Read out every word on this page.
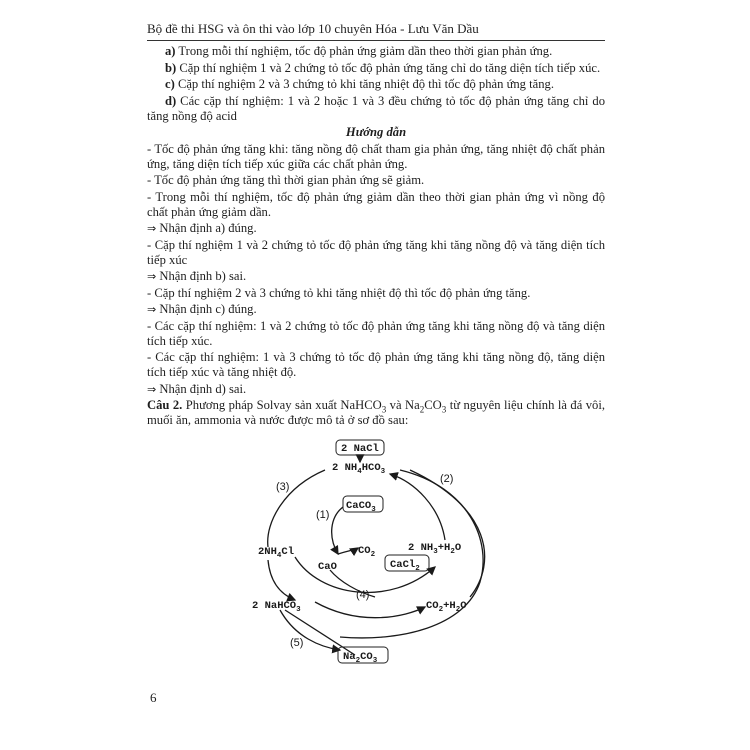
Bộ đề thi HSG và ôn thi vào lớp 10 chuyên Hóa - Lưu Văn Dầu

a) Trong mỗi thí nghiệm, tốc độ phản ứng giảm dần theo thời gian phản ứng.

b) Cặp thí nghiệm 1 và 2 chứng tỏ tốc độ phản ứng tăng chỉ do tăng diện tích tiếp xúc.

c) Cặp thí nghiệm 2 và 3 chứng tỏ khi tăng nhiệt độ thì tốc độ phản ứng tăng.

d) Các cặp thí nghiệm: 1 và 2 hoặc 1 và 3 đều chứng tỏ tốc độ phản ứng tăng chỉ do tăng nồng độ acid

Hướng dẫn

- Tốc độ phản ứng tăng khi: tăng nồng độ chất tham gia phản ứng, tăng nhiệt độ chất phản ứng, tăng diện tích tiếp xúc giữa các chất phản ứng.

- Tốc độ phản ứng tăng thì thời gian phản ứng sẽ giảm.

- Trong mỗi thí nghiệm, tốc độ phản ứng giảm dần theo thời gian phản ứng vì nồng độ chất phản ứng giảm dần.

⇒ Nhận định a) đúng.

- Cặp thí nghiệm 1 và 2 chứng tỏ tốc độ phản ứng tăng khi tăng nồng độ và tăng diện tích tiếp xúc

⇒ Nhận định b) sai.

- Cặp thí nghiệm 2 và 3 chứng tỏ khi tăng nhiệt độ thì tốc độ phản ứng tăng.

⇒ Nhận định c) đúng.

- Các cặp thí nghiệm: 1 và 2 chứng tỏ tốc độ phản ứng tăng khi tăng nồng độ và tăng diện tích tiếp xúc.

- Các cặp thí nghiệm: 1 và 3 chứng tỏ tốc độ phản ứng tăng khi tăng nồng độ, tăng diện tích tiếp xúc và tăng nhiệt độ.

⇒ Nhận định d) sai.

Câu 2. Phương pháp Solvay sản xuất NaHCO$_3$ và $Na_2CO_3$ từ nguyên liệu chính là đá vôi, muối ăn, ammonia và nước được mô tả ở sơ đồ sau:

2 NaCl
2 $NH_4HCO_3$
CaCO$_3$
$2NH_4Cl$	$CO_2$
2 $NH_3+H_2O$
CaO	CaCl$_2$
2 NaHCO$_3$	$CO_2+H_2O$
$Na_2CO_3$
(1)
(2)
(3)
(4)
(5)
6
